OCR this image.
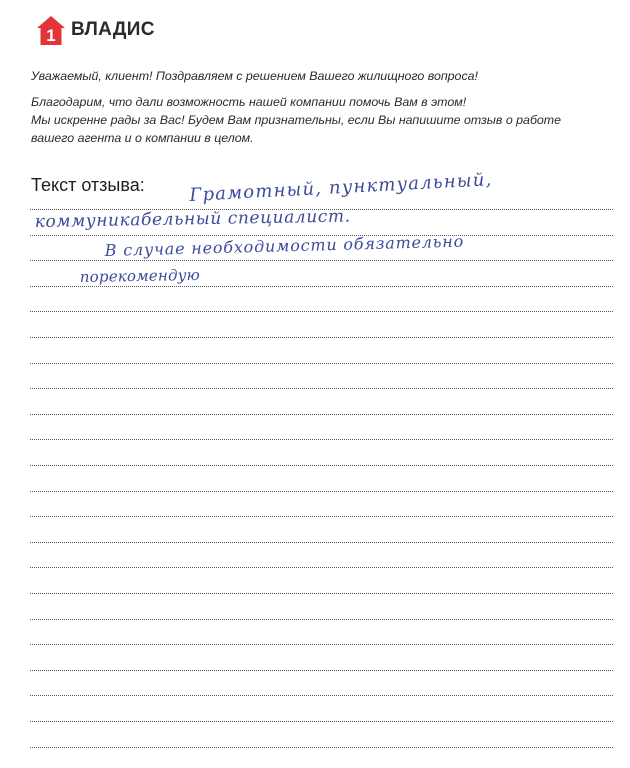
1 ВЛАДИС

Уважаемый, клиент! Поздравляем с решением Вашего жилищного вопроса!

Благодарим, что дали возможность нашей компании помочь Вам в этом!
Мы искренне рады за Вас! Будем Вам признательны, если Вы напишите отзыв о работе
вашего агента и о компании в целом.

Текст отзыва: Грамотный, пунктуальный,
коммуникабельный специалист.
В случае необходимости обязательно
порекомендую
